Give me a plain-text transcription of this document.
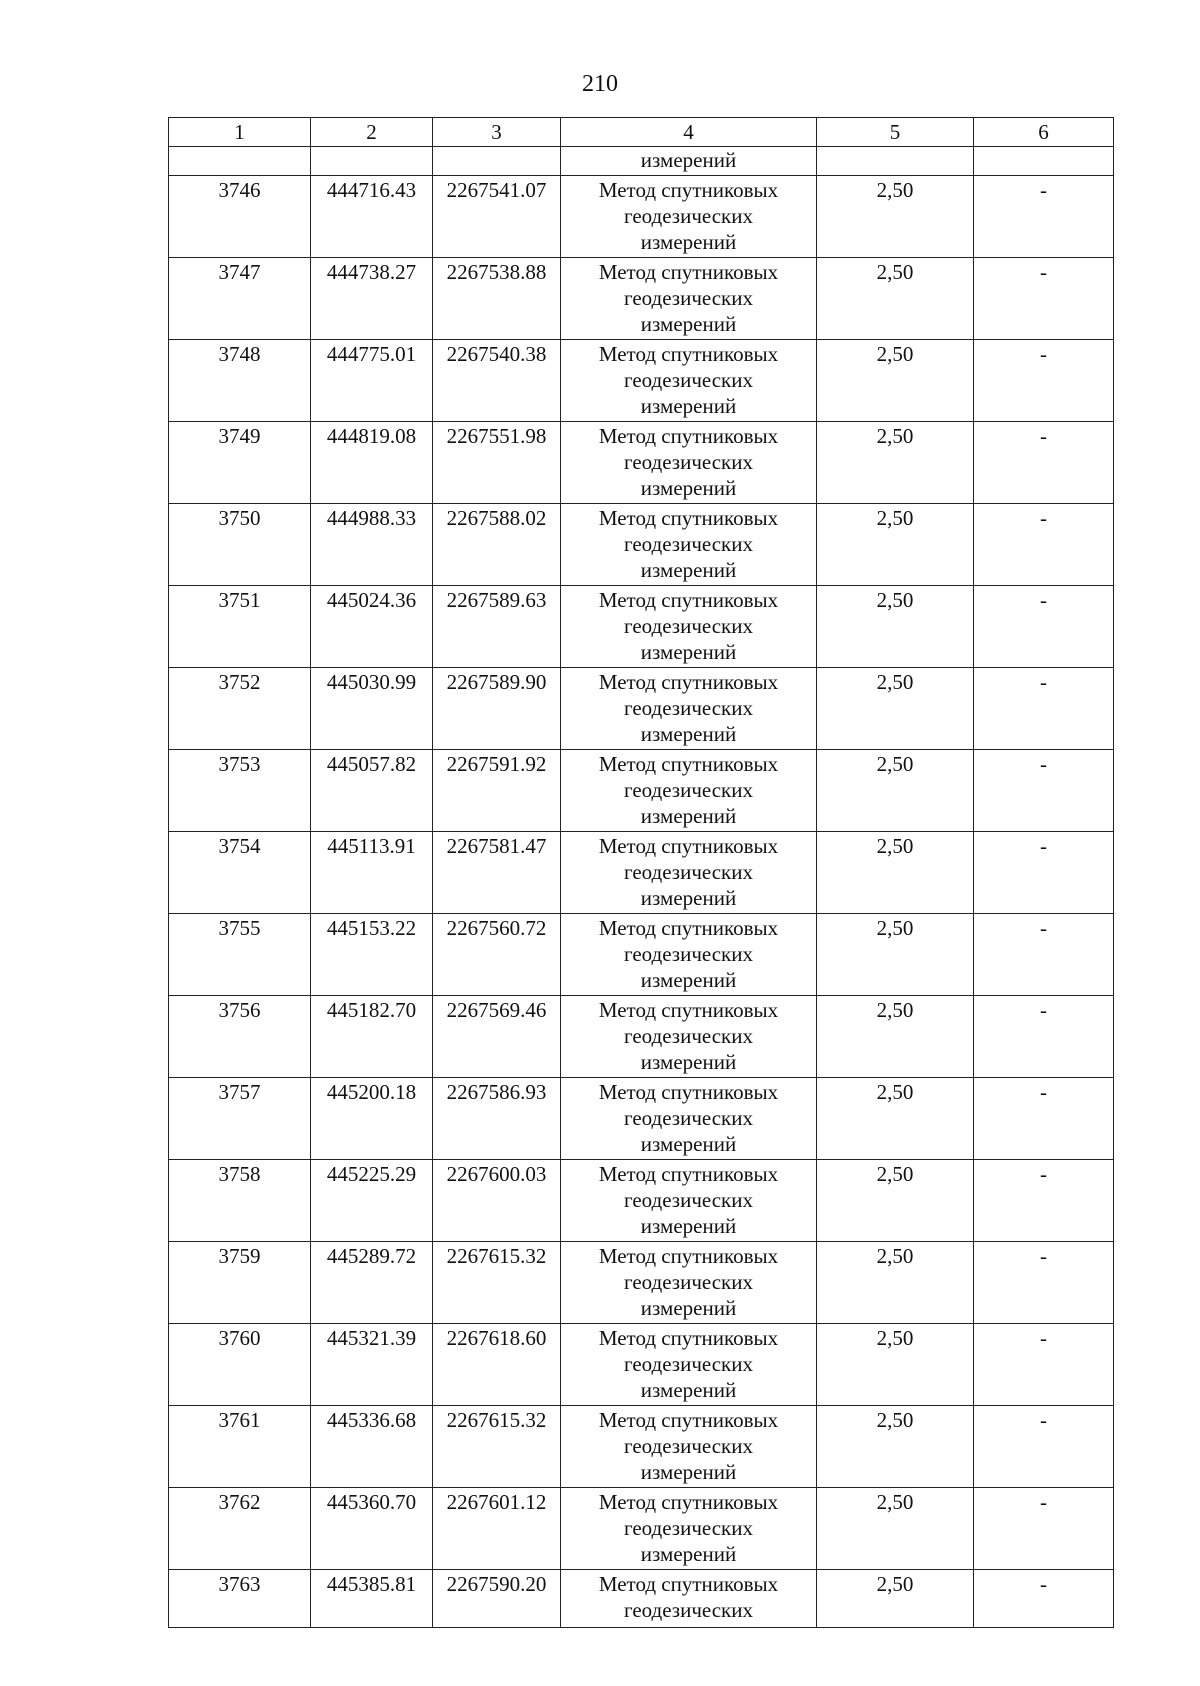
210
1	2	3	4	5	6
			измерений		
3746	444716.43	2267541.07	Метод спутниковых
геодезических
измерений	2,50	-
3747	444738.27	2267538.88	Метод спутниковых
геодезических
измерений	2,50	-
3748	444775.01	2267540.38	Метод спутниковых
геодезических
измерений	2,50	-
3749	444819.08	2267551.98	Метод спутниковых
геодезических
измерений	2,50	-
3750	444988.33	2267588.02	Метод спутниковых
геодезических
измерений	2,50	-
3751	445024.36	2267589.63	Метод спутниковых
геодезических
измерений	2,50	-
3752	445030.99	2267589.90	Метод спутниковых
геодезических
измерений	2,50	-
3753	445057.82	2267591.92	Метод спутниковых
геодезических
измерений	2,50	-
3754	445113.91	2267581.47	Метод спутниковых
геодезических
измерений	2,50	-
3755	445153.22	2267560.72	Метод спутниковых
геодезических
измерений	2,50	-
3756	445182.70	2267569.46	Метод спутниковых
геодезических
измерений	2,50	-
3757	445200.18	2267586.93	Метод спутниковых
геодезических
измерений	2,50	-
3758	445225.29	2267600.03	Метод спутниковых
геодезических
измерений	2,50	-
3759	445289.72	2267615.32	Метод спутниковых
геодезических
измерений	2,50	-
3760	445321.39	2267618.60	Метод спутниковых
геодезических
измерений	2,50	-
3761	445336.68	2267615.32	Метод спутниковых
геодезических
измерений	2,50	-
3762	445360.70	2267601.12	Метод спутниковых
геодезических
измерений	2,50	-
3763	445385.81	2267590.20	Метод спутниковых
геодезических	2,50	-
